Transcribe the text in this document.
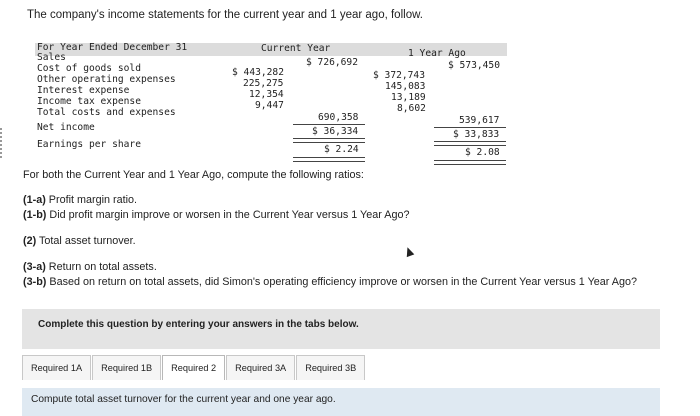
The company's income statements for the current year and 1 year ago, follow.
For Year Ended December 31	Current Year	1 Year Ago
Sales	$ 726,692	$ 573,450
Cost of goods sold	$ 443,282	$ 372,743
Other operating expenses	225,275	145,083
Interest expense	12,354	13,189
Income tax expense	9,447	8,602
Total costs and expenses	690,358	539,617
Net income	$ 36,334	$ 33,833
Earnings per share	$ 2.24	$ 2.08
For both the Current Year and 1 Year Ago, compute the following ratios:
(1-a) Profit margin ratio.
(1-b) Did profit margin improve or worsen in the Current Year versus 1 Year Ago?
(2) Total asset turnover.
(3-a) Return on total assets.
(3-b) Based on return on total assets, did Simon's operating efficiency improve or worsen in the Current Year versus 1 Year Ago?
Complete this question by entering your answers in the tabs below.
Required 1A	Required 1B	Required 2	Required 3A	Required 3B
Compute total asset turnover for the current year and one year ago.
